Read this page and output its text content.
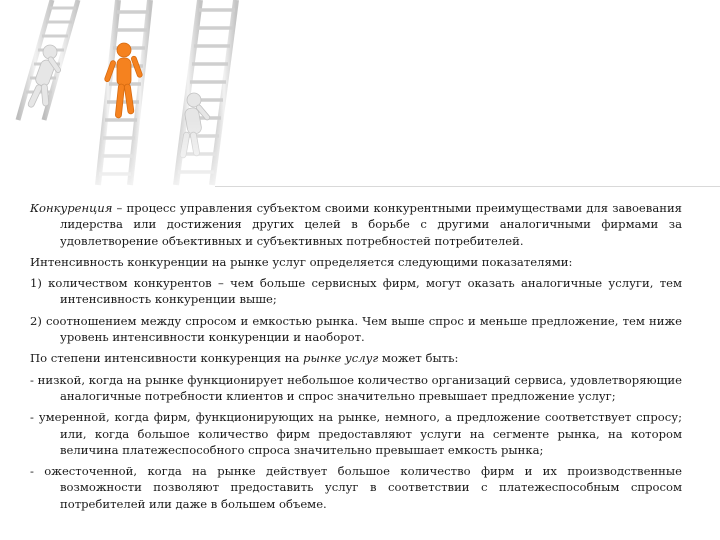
Конкуренция – процесс управления субъектом своими конкурентными преимуществами для завоевания лидерства или достижения других целей в борьбе с другими аналогичными фирмами за удовлетворение объективных и субъективных потребностей потребителей.

Интенсивность конкуренции на рынке услуг определяется следующими показателями:

1) количеством конкурентов – чем больше сервисных фирм, могут оказать аналогичные услуги, тем интенсивность конкуренции выше;

2) соотношением между спросом и емкостью рынка. Чем выше спрос и меньше предложение, тем ниже уровень интенсивности конкуренции и наоборот.

По степени интенсивности конкуренция на рынке услуг может быть:

- низкой, когда на рынке функционирует небольшое количество организаций сервиса, удовлетворяющие аналогичные потребности клиентов и спрос значительно превышает предложение услуг;

- умеренной, когда фирм, функционирующих на рынке, немного, а предложение соответствует спросу; или, когда большое количество фирм предоставляют услуги на сегменте рынка, на котором величина платежеспособного спроса значительно превышает емкость рынка;

- ожесточенной, когда на рынке действует большое количество фирм и их производственные возможности позволяют предоставить услуг в соответствии с платежеспособным спросом потребителей или даже в большем объеме.
